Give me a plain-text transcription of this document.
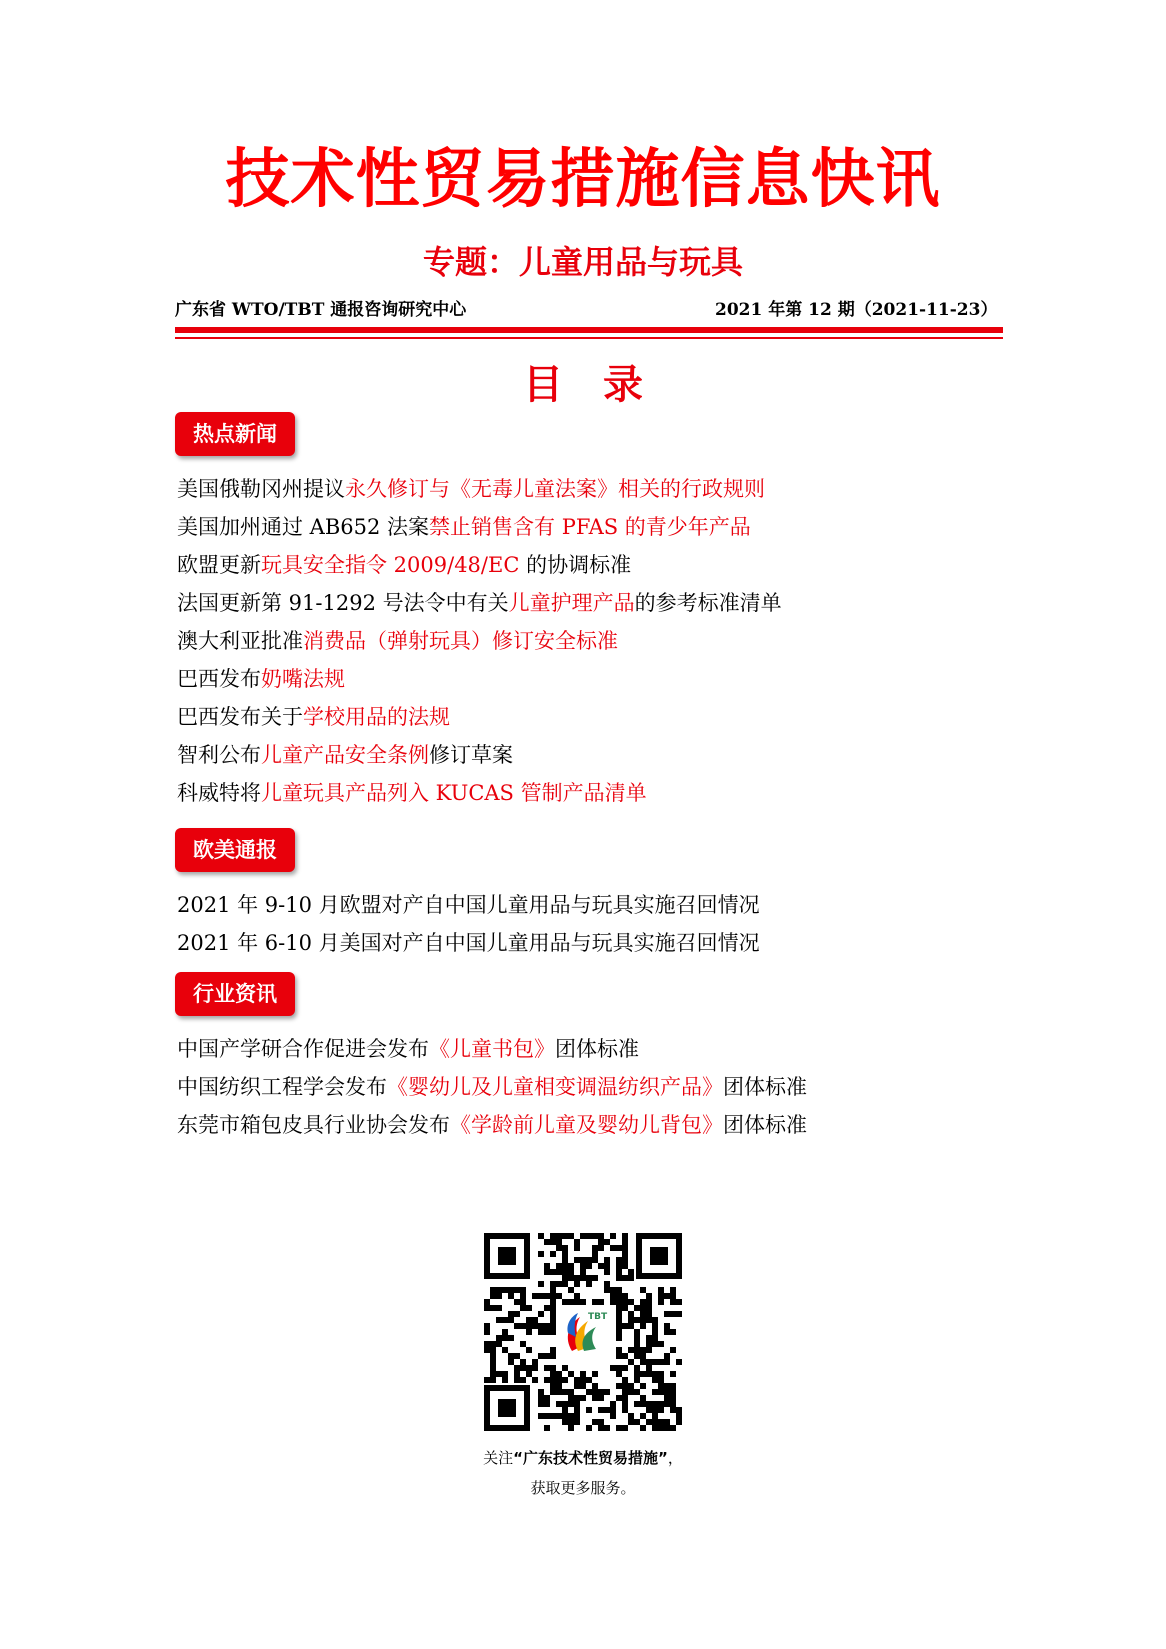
技术性贸易措施信息快讯
专题：儿童用品与玩具
广东省 WTO/TBT 通报咨询研究中心	2021 年第 12 期（2021-11-23）
目录
热点新闻
美国俄勒冈州提议永久修订与《无毒儿童法案》相关的行政规则
美国加州通过 AB652 法案禁止销售含有 PFAS 的青少年产品
欧盟更新玩具安全指令 2009/48/EC 的协调标准
法国更新第 91-1292 号法令中有关儿童护理产品的参考标准清单
澳大利亚批准消费品（弹射玩具）修订安全标准
巴西发布奶嘴法规
巴西发布关于学校用品的法规
智利公布儿童产品安全条例修订草案
科威特将儿童玩具产品列入 KUCAS 管制产品清单
欧美通报
2021 年 9-10 月欧盟对产自中国儿童用品与玩具实施召回情况
2021 年 6-10 月美国对产自中国儿童用品与玩具实施召回情况
行业资讯
中国产学研合作促进会发布《儿童书包》团体标准
中国纺织工程学会发布《婴幼儿及儿童相变调温纺织产品》团体标准
东莞市箱包皮具行业协会发布《学龄前儿童及婴幼儿背包》团体标准
TBT
关注“广东技术性贸易措施”，
获取更多服务。
